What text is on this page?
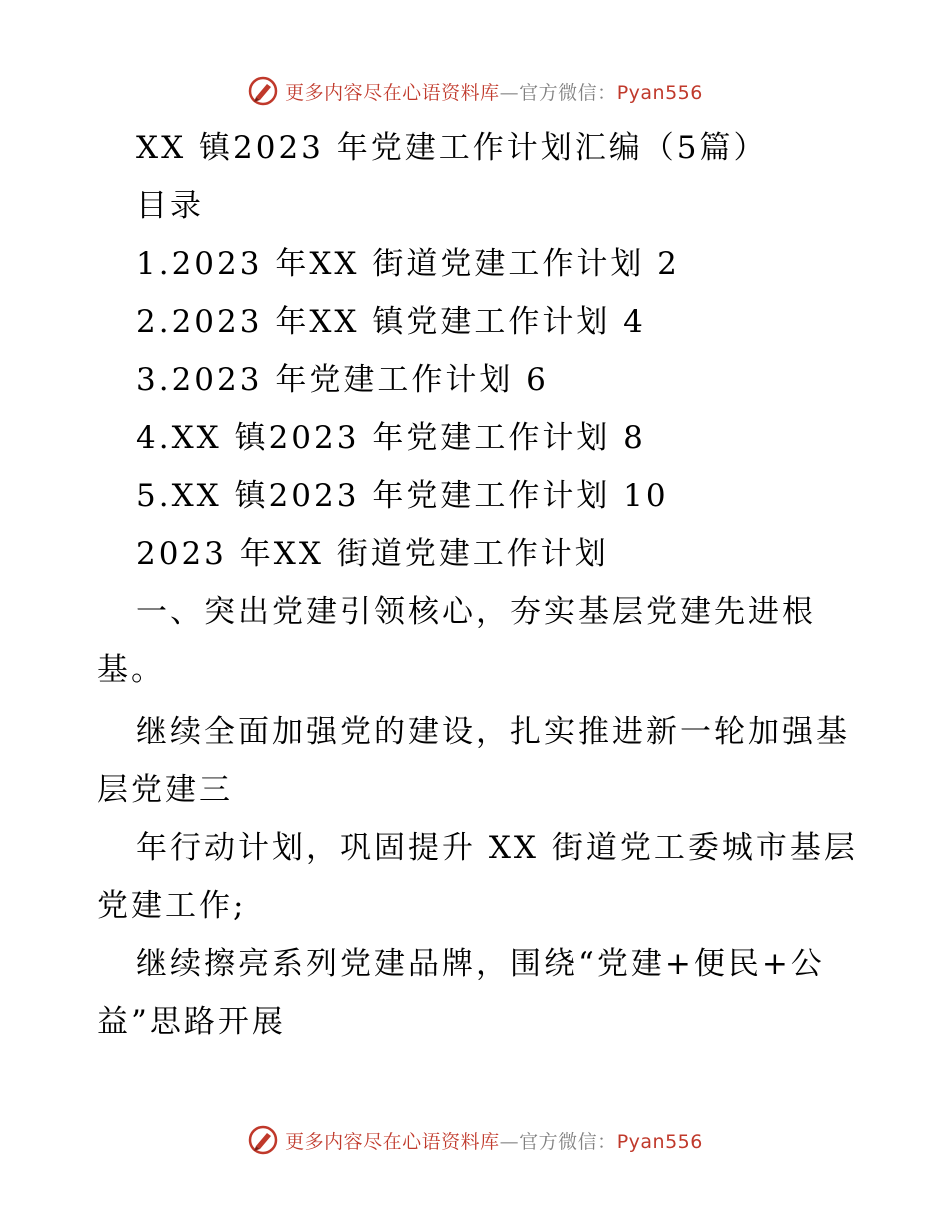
更多内容尽在心语资料库—官方微信：Pyan556
XX 镇2023 年党建工作计划汇编（5篇）
目录
1.2023 年XX 街道党建工作计划 2
2.2023 年XX 镇党建工作计划 4
3.2023 年党建工作计划 6
4.XX 镇2023 年党建工作计划 8
5.XX 镇2023 年党建工作计划 10
2023 年XX 街道党建工作计划
一、突出党建引领核心，夯实基层党建先进根
基。
继续全面加强党的建设，扎实推进新一轮加强基
层党建三
年行动计划，巩固提升 XX 街道党工委城市基层
党建工作;
继续擦亮系列党建品牌，围绕“党建+便民+公
益”思路开展
更多内容尽在心语资料库—官方微信：Pyan556
